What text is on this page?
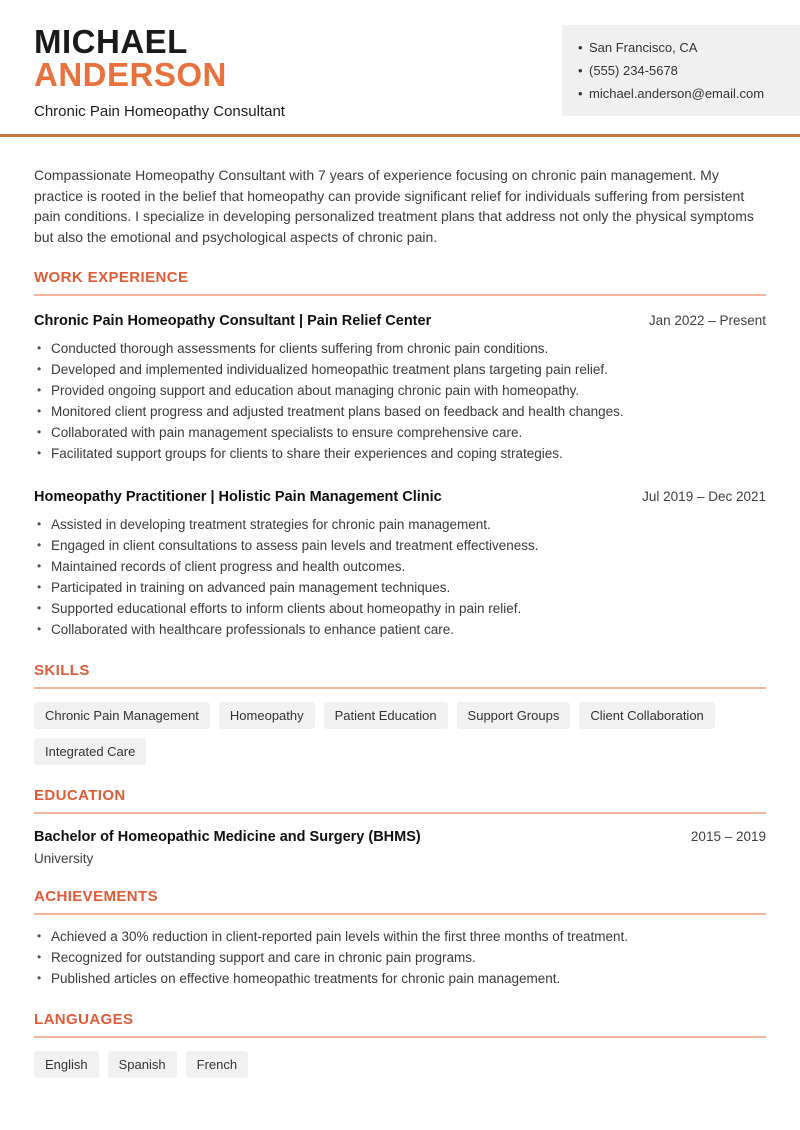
MICHAEL
ANDERSON
Chronic Pain Homeopathy Consultant
• San Francisco, CA
• (555) 234-5678
• michael.anderson@email.com

Compassionate Homeopathy Consultant with 7 years of experience focusing on chronic pain management. My practice is rooted in the belief that homeopathy can provide significant relief for individuals suffering from persistent pain conditions. I specialize in developing personalized treatment plans that address not only the physical symptoms but also the emotional and psychological aspects of chronic pain.

WORK EXPERIENCE
Chronic Pain Homeopathy Consultant | Pain Relief Center	Jan 2022 – Present
• Conducted thorough assessments for clients suffering from chronic pain conditions.
• Developed and implemented individualized homeopathic treatment plans targeting pain relief.
• Provided ongoing support and education about managing chronic pain with homeopathy.
• Monitored client progress and adjusted treatment plans based on feedback and health changes.
• Collaborated with pain management specialists to ensure comprehensive care.
• Facilitated support groups for clients to share their experiences and coping strategies.
Homeopathy Practitioner | Holistic Pain Management Clinic	Jul 2019 – Dec 2021
• Assisted in developing treatment strategies for chronic pain management.
• Engaged in client consultations to assess pain levels and treatment effectiveness.
• Maintained records of client progress and health outcomes.
• Participated in training on advanced pain management techniques.
• Supported educational efforts to inform clients about homeopathy in pain relief.
• Collaborated with healthcare professionals to enhance patient care.
SKILLS
Chronic Pain Management	Homeopathy	Patient Education	Support Groups	Client Collaboration
Integrated Care
EDUCATION
Bachelor of Homeopathic Medicine and Surgery (BHMS)	2015 – 2019
University
ACHIEVEMENTS
• Achieved a 30% reduction in client-reported pain levels within the first three months of treatment.
• Recognized for outstanding support and care in chronic pain programs.
• Published articles on effective homeopathic treatments for chronic pain management.
LANGUAGES
English	Spanish	French
